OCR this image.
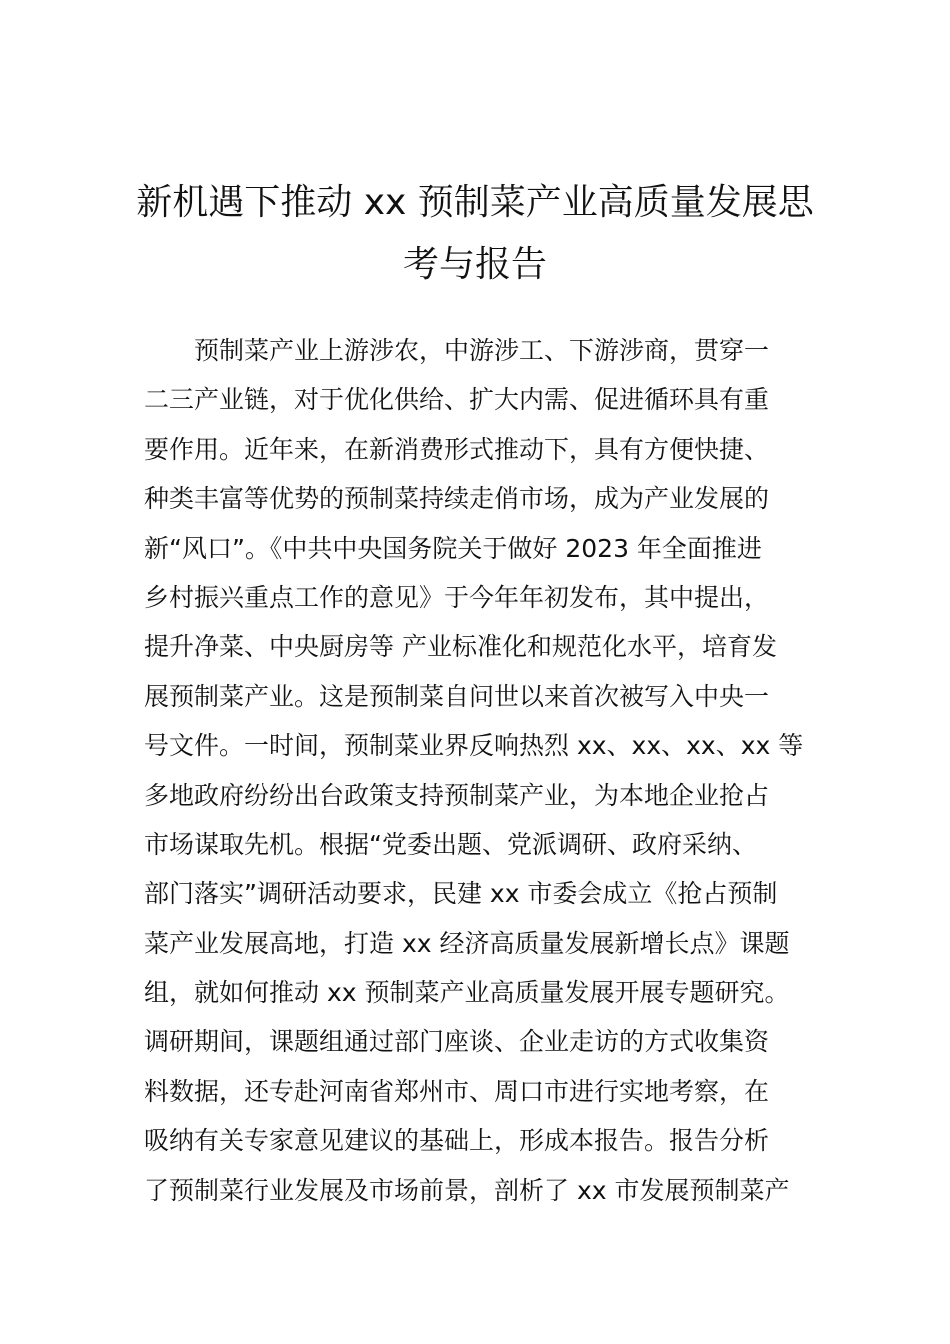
新机遇下推动 xx 预制菜产业高质量发展思
考与报告
预制菜产业上游涉农，中游涉工、下游涉商，贯穿一
二三产业链，对于优化供给、扩大内需、促进循环具有重
要作用。近年来，在新消费形式推动下，具有方便快捷、
种类丰富等优势的预制菜持续走俏市场，成为产业发展的
新“风口”。《中共中央国务院关于做好 2023 年全面推进
乡村振兴重点工作的意见》于今年年初发布，其中提出，
提升净菜、中央厨房等 产业标准化和规范化水平，培育发
展预制菜产业。这是预制菜自问世以来首次被写入中央一
号文件。一时间，预制菜业界反响热烈 xx、xx、xx、xx 等
多地政府纷纷出台政策支持预制菜产业，为本地企业抢占
市场谋取先机。根据“党委出题、党派调研、政府采纳、
部门落实”调研活动要求，民建 xx 市委会成立《抢占预制
菜产业发展高地，打造 xx 经济高质量发展新增长点》课题
组，就如何推动 xx 预制菜产业高质量发展开展专题研究。
调研期间，课题组通过部门座谈、企业走访的方式收集资
料数据，还专赴河南省郑州市、周口市进行实地考察，在
吸纳有关专家意见建议的基础上，形成本报告。报告分析
了预制菜行业发展及市场前景，剖析了 xx 市发展预制菜产
